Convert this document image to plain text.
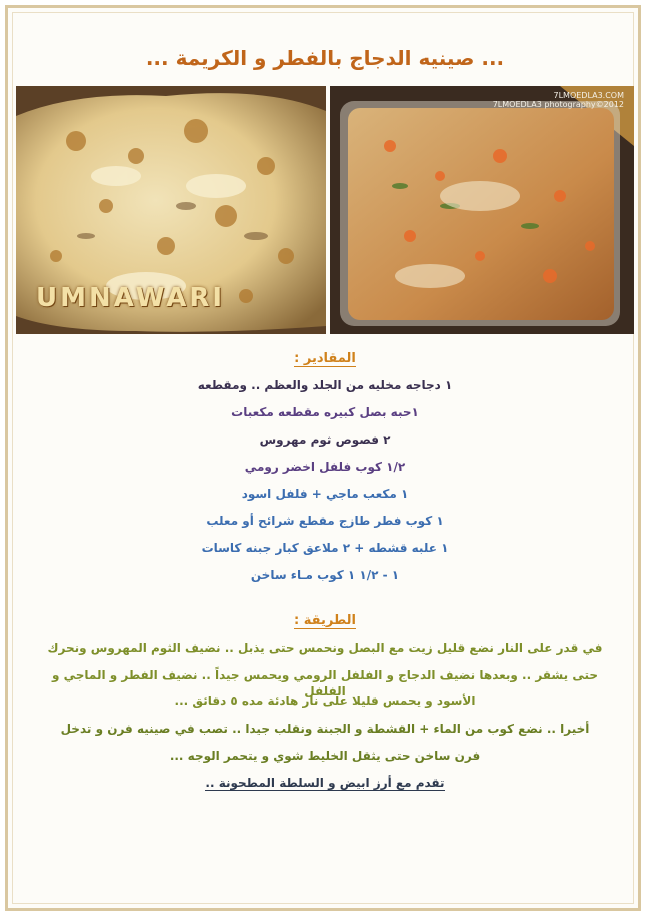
... صينيه الدجاج بالفطر و الكريمة ...
UMNAWARI
7LMOEDLA3.COM
7LMOEDLA3 photography©2012
المقادير :
١ دجاجه مخليه من الجلد والعظم .. ومقطعه
١حبه بصل كبيره مقطعه مكعبات
٢ فصوص ثوم مهروس
١/٢ كوب فلفل اخضر رومي
١ مكعب ماجي + فلفل اسود
١ كوب فطر طازج مقطع شرائح أو معلب
١ علبه قشطه + ٢ ملاعق كبار جبنه كاسات
١ - ١/٢ ١ كوب مـاء ساخن
الطريقة :
في قدر على النار نضع قليل زيت مع البصل ونحمس حتى يذبل .. نضيف الثوم المهروس ونحرك
حتى يشقر .. وبعدها نضيف الدجاج و الفلفل الرومي ويحمس جيداً .. نضيف الفطر و الماجي و الفلفل
الأسود و يحمس قليلا على نار هادئة مده ٥ دقائق ...
أخيرا .. نضع كوب من الماء + القشطة و الجبنة ونقلب جيدا .. تصب في صينيه فرن و تدخل
فرن ساخن حتى يثقل الخليط شوي و يتحمر الوجه ...
تقدم مع أرز ابيض و السلطة المطحونة ..
